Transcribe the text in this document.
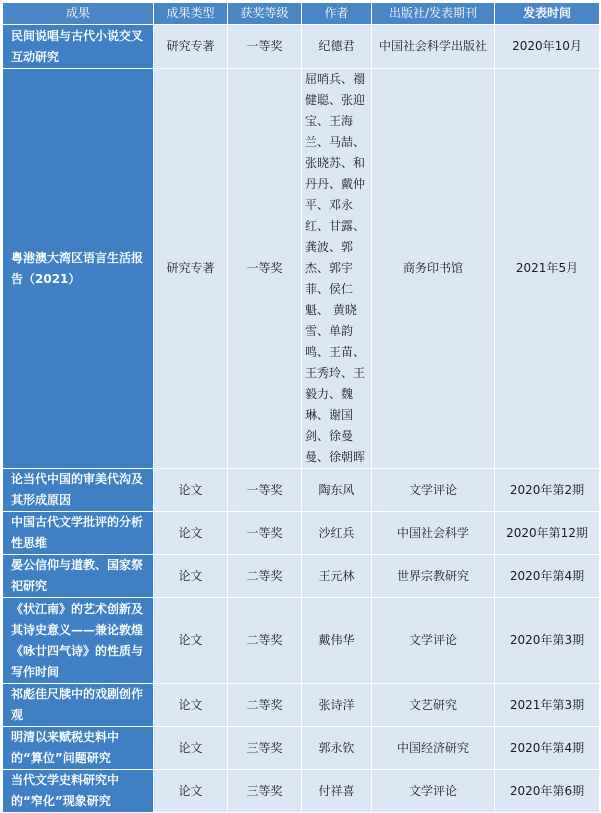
成果	成果类型	获奖等级	作者	出版社/发表期刊	发表时间
民间说唱与古代小说交叉互动研究	研究专著	一等奖	纪德君	中国社会科学出版社	2020年10月
粤港澳大湾区语言生活报告（2021）	研究专著	一等奖	屈哨兵、禤健聪、张迎宝、王海兰、马喆、张晓苏、和丹丹、戴仲平、邓永红、甘露、龚波、郭杰、郭宇菲、侯仁魁、 黄晓雪、单韵鸣、王苗、王秀玲、王毅力、魏琳、谢国剑、徐曼曼、徐朝晖	商务印书馆	2021年5月
论当代中国的审美代沟及其形成原因	论文	一等奖	陶东风	文学评论	2020年第2期
中国古代文学批评的分析性思维	论文	一等奖	沙红兵	中国社会科学	2020年第12期
晏公信仰与道教、国家祭祀研究	论文	二等奖	王元林	世界宗教研究	2020年第4期
《状江南》的艺术创新及其诗史意义——兼论敦煌《咏廿四气诗》的性质与写作时间	论文	二等奖	戴伟华	文学评论	2020年第3期
祁彪佳尺牍中的戏剧创作观	论文	二等奖	张诗洋	文艺研究	2021年第3期
明清以来赋税史料中的“算位”问题研究	论文	三等奖	郭永钦	中国经济研究	2020年第4期
当代文学史料研究中的“窄化”现象研究	论文	三等奖	付祥喜	文学评论	2020年第6期
